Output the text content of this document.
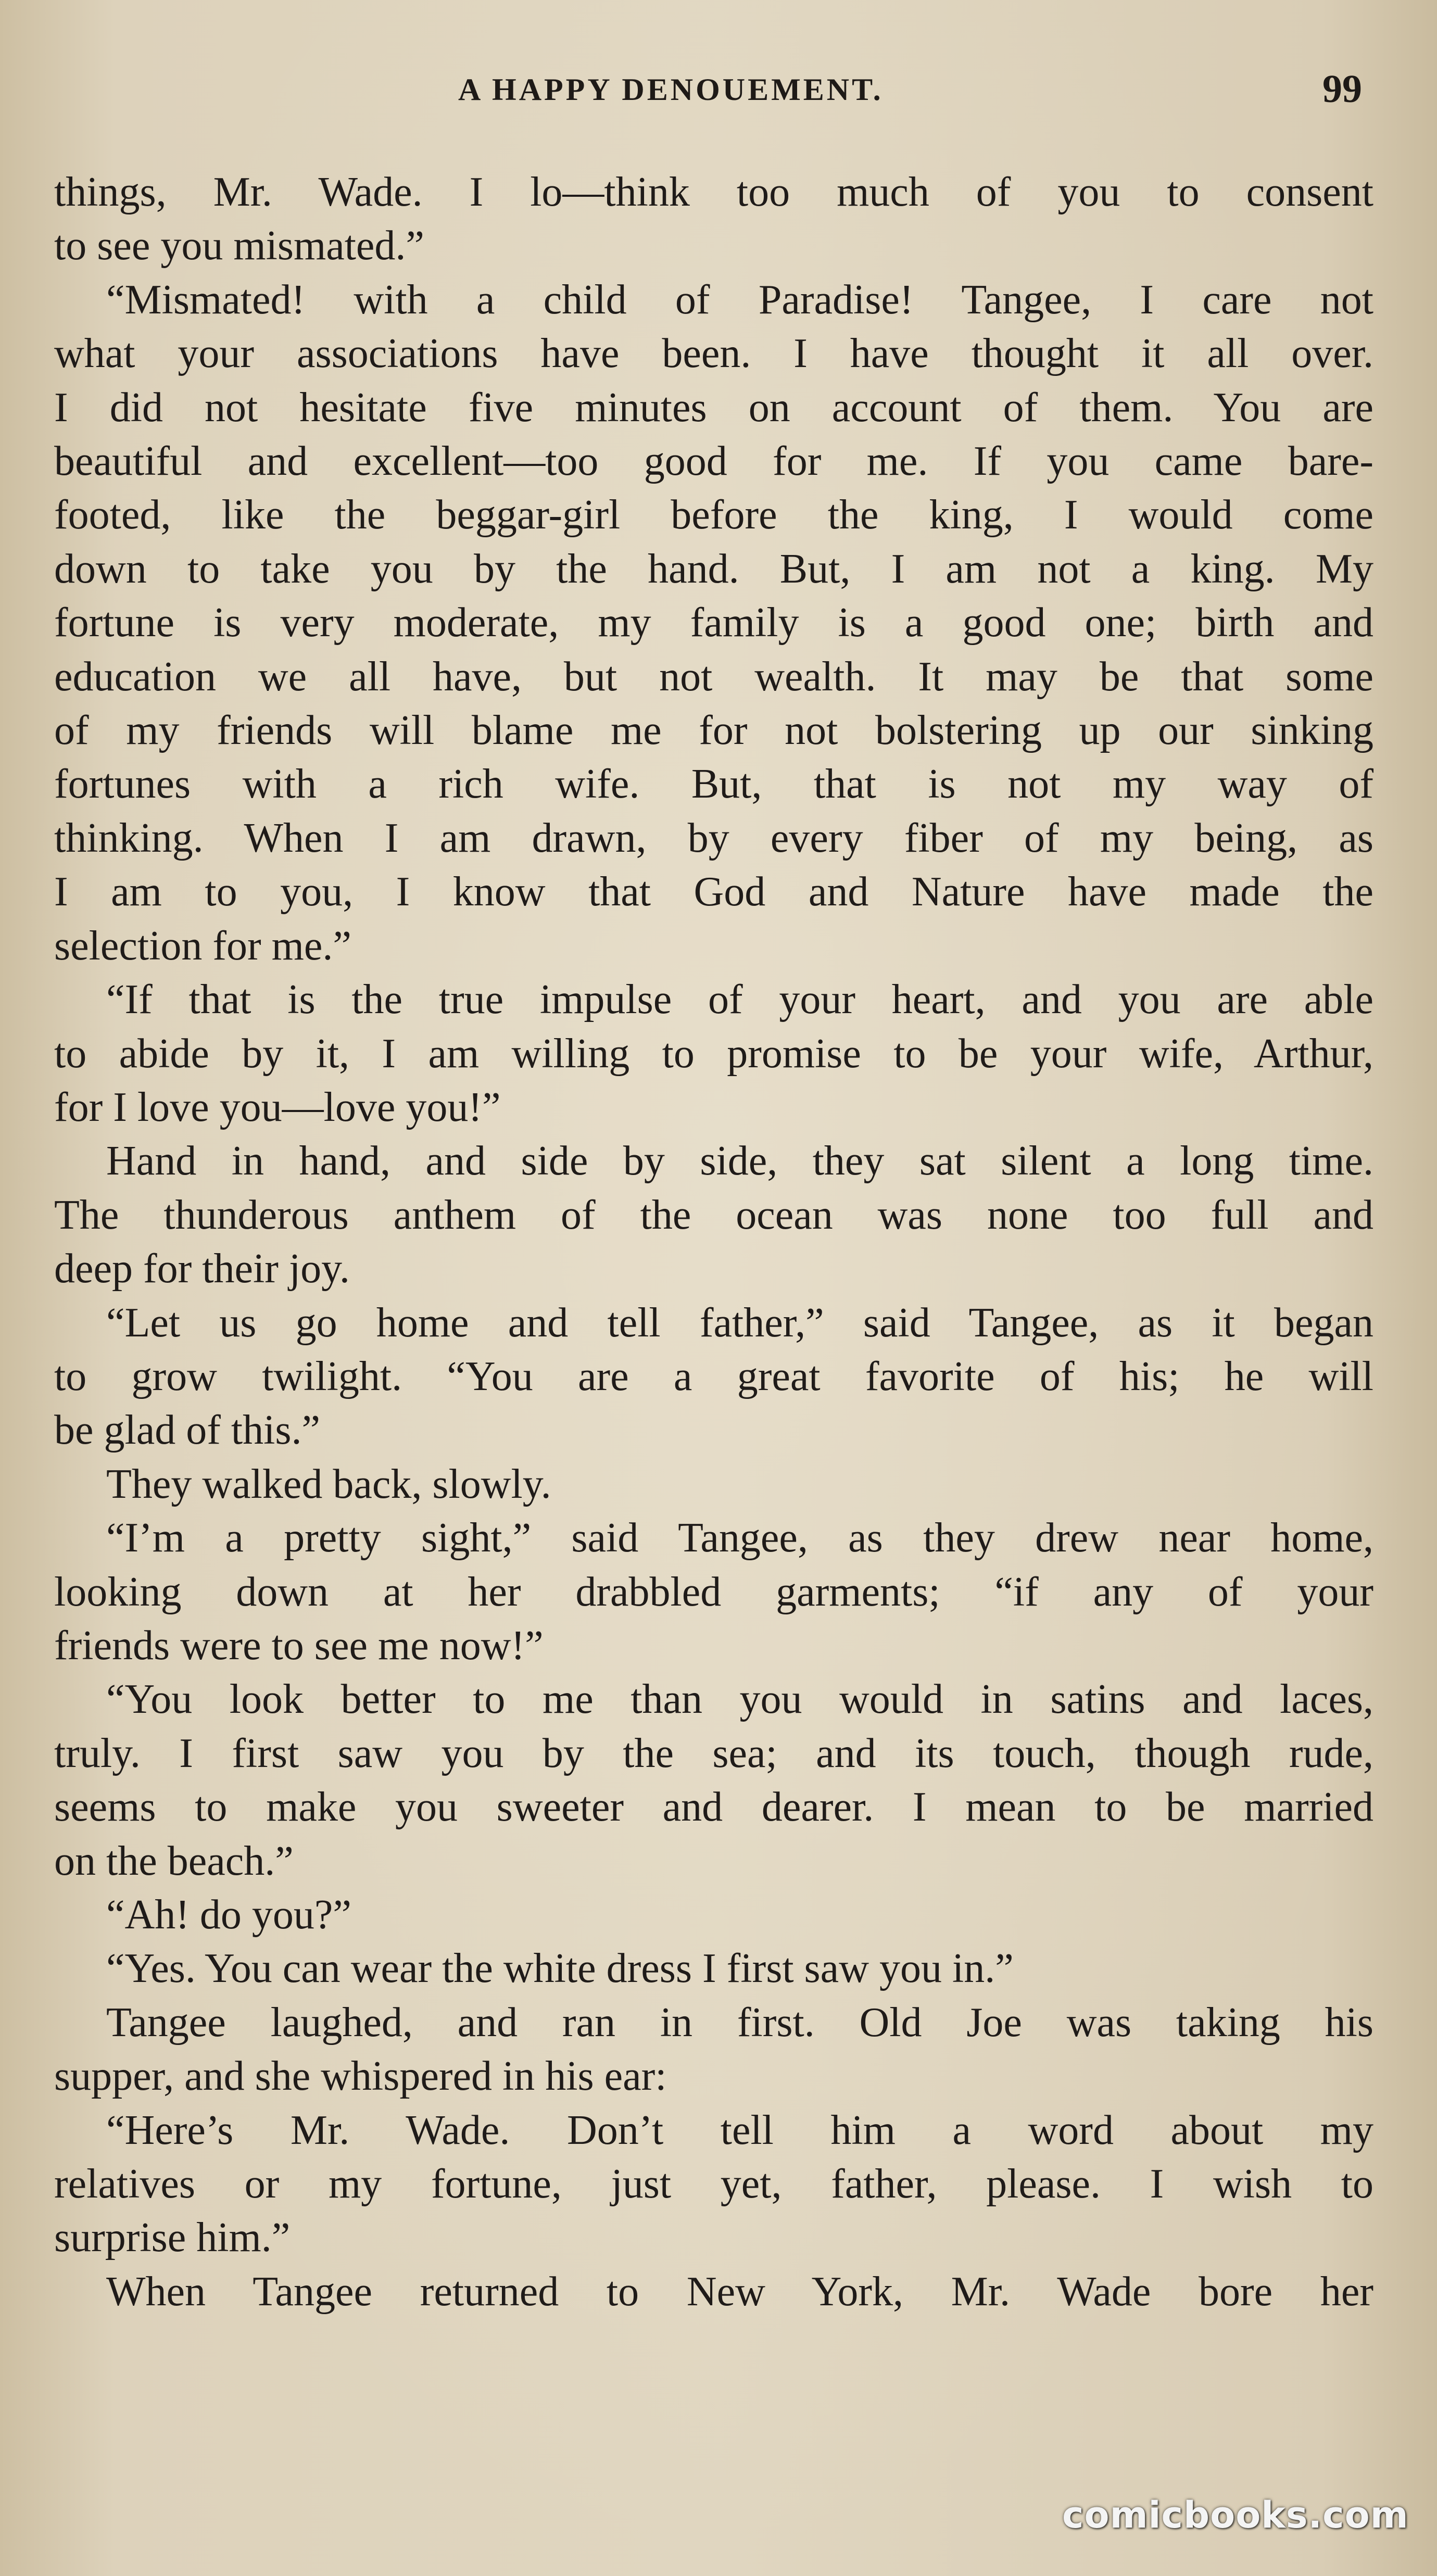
A HAPPY DENOUEMENT.	99
things, Mr. Wade. I lo—think too much of you to consent
to see you mismated.”
“Mismated! with a child of Paradise! Tangee, I care not
what your associations have been. I have thought it all over.
I did not hesitate five minutes on account of them. You are
beautiful and excellent—too good for me. If you came bare-
footed, like the beggar-girl before the king, I would come
down to take you by the hand. But, I am not a king. My
fortune is very moderate, my family is a good one; birth and
education we all have, but not wealth. It may be that some
of my friends will blame me for not bolstering up our sinking
fortunes with a rich wife. But, that is not my way of
thinking. When I am drawn, by every fiber of my being, as
I am to you, I know that God and Nature have made the
selection for me.”
“If that is the true impulse of your heart, and you are able
to abide by it, I am willing to promise to be your wife, Arthur,
for I love you—love you!”
Hand in hand, and side by side, they sat silent a long time.
The thunderous anthem of the ocean was none too full and
deep for their joy.
“Let us go home and tell father,” said Tangee, as it began
to grow twilight. “You are a great favorite of his; he will
be glad of this.”
They walked back, slowly.
“I’m a pretty sight,” said Tangee, as they drew near home,
looking down at her drabbled garments; “if any of your
friends were to see me now!”
“You look better to me than you would in satins and laces,
truly. I first saw you by the sea; and its touch, though rude,
seems to make you sweeter and dearer. I mean to be married
on the beach.”
“Ah! do you?”
“Yes. You can wear the white dress I first saw you in.”
Tangee laughed, and ran in first. Old Joe was taking his
supper, and she whispered in his ear:
“Here’s Mr. Wade. Don’t tell him a word about my
relatives or my fortune, just yet, father, please. I wish to
surprise him.”
When Tangee returned to New York, Mr. Wade bore her
comicbooks.com
